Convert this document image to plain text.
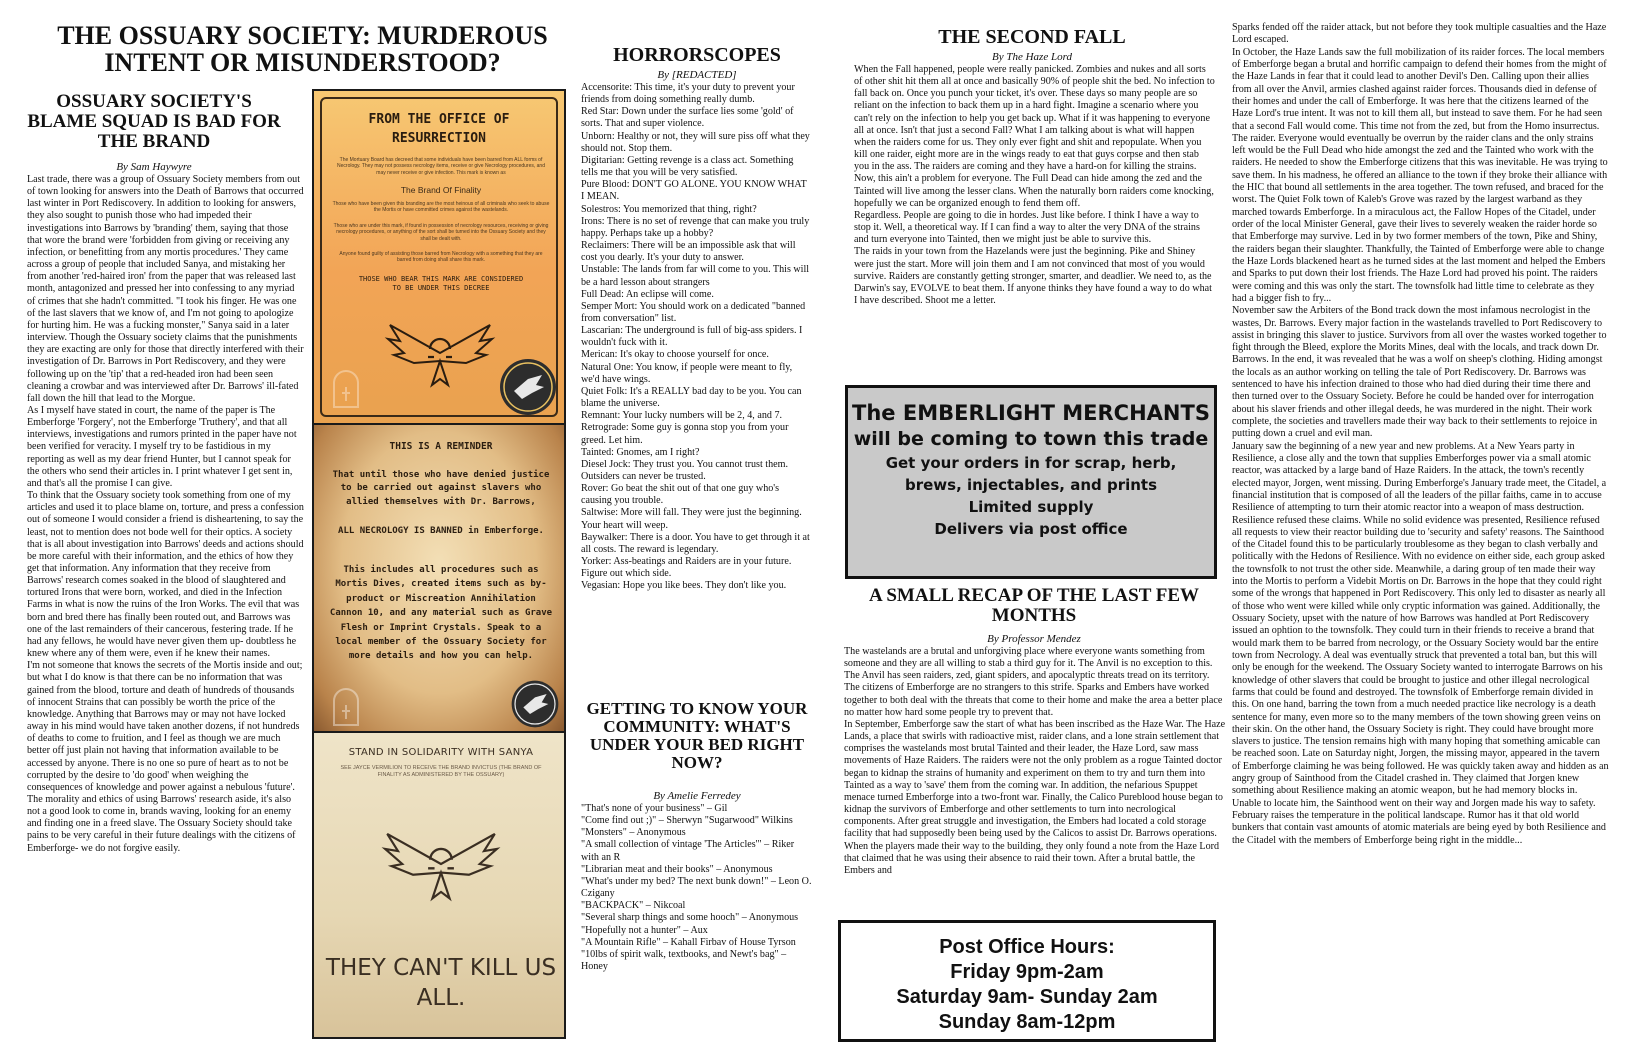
THE OSSUARY SOCIETY: MURDEROUS INTENT OR MISUNDERSTOOD?
OSSUARY SOCIETY'S BLAME SQUAD IS BAD FOR THE BRAND
By Sam Haywyre

Last trade, there was a group of Ossuary Society members from out of town looking for answers into the Death of Barrows that occurred last winter in Port Rediscovery. In addition to looking for answers, they also sought to punish those who had impeded their investigations into Barrows by 'branding' them, saying that those that wore the brand were 'forbidden from giving or receiving any infection, or benefitting from any mortis procedures.' They came across a group of people that included Sanya, and mistaking her from another 'red-haired iron' from the paper that was released last month, antagonized and pressed her into confessing to any myriad of crimes that she hadn't committed. "I took his finger. He was one of the last slavers that we know of, and I'm not going to apologize for hurting him. He was a fucking monster," Sanya said in a later interview. Though the Ossuary society claims that the punishments they are exacting are only for those that directly interfered with their investigation of Dr. Barrows in Port Rediscovery, and they were following up on the 'tip' that a red-headed iron had been seen cleaning a crowbar and was interviewed after Dr. Barrows' ill-fated fall down the hill that lead to the Morgue.

As I myself have stated in court, the name of the paper is The Emberforge 'Forgery', not the Emberforge 'Truthery', and that all interviews, investigations and rumors printed in the paper have not been verified for veracity. I myself try to be fastidious in my reporting as well as my dear friend Hunter, but I cannot speak for the others who send their articles in. I print whatever I get sent in, and that's all the promise I can give.

To think that the Ossuary society took something from one of my articles and used it to place blame on, torture, and press a confession out of someone I would consider a friend is disheartening, to say the least, not to mention does not bode well for their optics. A society that is all about investigation into Barrows' deeds and actions should be more careful with their information, and the ethics of how they get that information. Any information that they receive from Barrows' research comes soaked in the blood of slaughtered and tortured Irons that were born, worked, and died in the Infection Farms in what is now the ruins of the Iron Works. The evil that was born and bred there has finally been routed out, and Barrows was one of the last remainders of their cancerous, festering trade. If he had any fellows, he would have never given them up- doubtless he knew where any of them were, even if he knew their names.

I'm not someone that knows the secrets of the Mortis inside and out; but what I do know is that there can be no information that was gained from the blood, torture and death of hundreds of thousands of innocent Strains that can possibly be worth the price of the knowledge. Anything that Barrows may or may not have locked away in his mind would have taken another dozens, if not hundreds of deaths to come to fruition, and I feel as though we are much better off just plain not having that information available to be accessed by anyone. There is no one so pure of heart as to not be corrupted by the desire to 'do good' when weighing the consequences of knowledge and power against a nebulous 'future'.

The morality and ethics of using Barrows' research aside, it's also not a good look to come in, brands waving, looking for an enemy and finding one in a freed slave. The Ossuary Society should take pains to be very careful in their future dealings with the citizens of Emberforge- we do not forgive easily.

FROM THE OFFICE OF RESURRECTION
The Mortuary Board has decreed that some individuals have been barred from ALL forms of Necrology. They may not possess necrology items, receive or give Necrology procedures, and may never receive or give infection. This mark is known as
The Brand Of Finality
Those who have been given this branding are the most heinous of all criminals who seek to abuse the Mortis or have committed crimes against the wastelands.
Those who are under this mark, if found in possession of necrology resources, receiving or giving necrology procedures, or anything of the sort shall be turned into the Ossuary Society and they shall be dealt with.
Anyone found guilty of assisting those barred from Necrology with a something that they are barred from doing shall share this mark.
THOSE WHO BEAR THIS MARK ARE CONSIDERED TO BE UNDER THIS DECREE
THIS IS A REMINDER
That until those who have denied justice to be carried out against slavers who allied themselves with Dr. Barrows,
ALL NECROLOGY IS BANNED in Emberforge.
This includes all procedures such as Mortis Dives, created items such as by-product or Miscreation Annihilation Cannon 10, and any material such as Grave Flesh or Imprint Crystals. Speak to a local member of the Ossuary Society for more details and how you can help.
STAND IN SOLIDARITY WITH SANYA
SEE JAYCE VERMILION TO RECEIVE THE BRAND INVICTUS (THE BRAND OF FINALITY AS ADMINISTERED BY THE OSSUARY)
THEY CAN'T KILL US ALL.
HORRORSCOPES
By [REDACTED]

Accensorite: This time, it's your duty to prevent your friends from doing something really dumb.

Red Star: Down under the surface lies some 'gold' of sorts. That and super violence.

Unborn: Healthy or not, they will sure piss off what they should not. Stop them.

Digitarian: Getting revenge is a class act. Something tells me that you will be very satisfied.

Pure Blood: DON'T GO ALONE. YOU KNOW WHAT I MEAN.

Solestros: You memorized that thing, right?

Irons: There is no set of revenge that can make you truly happy. Perhaps take up a hobby?

Reclaimers: There will be an impossible ask that will cost you dearly. It's your duty to answer.

Unstable: The lands from far will come to you. This will be a hard lesson about strangers

Full Dead: An eclipse will come.

Semper Mort: You should work on a dedicated "banned from conversation" list.

Lascarian: The underground is full of big-ass spiders. I wouldn't fuck with it.

Merican: It's okay to choose yourself for once.

Natural One: You know, if people were meant to fly, we'd have wings.

Quiet Folk: It's a REALLY bad day to be you. You can blame the universe.

Remnant: Your lucky numbers will be 2, 4, and 7.

Retrograde: Some guy is gonna stop you from your greed. Let him.

Tainted: Gnomes, am I right?

Diesel Jock: They trust you. You cannot trust them. Outsiders can never be trusted.

Rover: Go beat the shit out of that one guy who's causing you trouble.

Saltwise: More will fall. They were just the beginning. Your heart will weep.

Baywalker: There is a door. You have to get through it at all costs. The reward is legendary.

Yorker: Ass-beatings and Raiders are in your future. Figure out which side.

Vegasian: Hope you like bees. They don't like you.

GETTING TO KNOW YOUR COMMUNITY: WHAT'S UNDER YOUR BED RIGHT NOW?
By Amelie Ferredey

"That's none of your business" – Gil

"Come find out ;)" – Sherwyn "Sugarwood" Wilkins

"Monsters" – Anonymous

"A small collection of vintage 'The Articles'" – Riker with an R

"Librarian meat and their books" – Anonymous

"What's under my bed? The next bunk down!" – Leon O. Czigany

"BACKPACK" – Nikcoal

"Several sharp things and some hooch" – Anonymous

"Hopefully not a hunter" – Aux

"A Mountain Rifle" – Kahall Firbav of House Tyrson

"10lbs of spirit walk, textbooks, and Newt's bag" – Honey

THE SECOND FALL
By The Haze Lord

When the Fall happened, people were really panicked. Zombies and nukes and all sorts of other shit hit them all at once and basically 90% of people shit the bed. No infection to fall back on. Once you punch your ticket, it's over. These days so many people are so reliant on the infection to back them up in a hard fight. Imagine a scenario where you can't rely on the infection to help you get back up. What if it was happening to everyone all at once. Isn't that just a second Fall? What I am talking about is what will happen when the raiders come for us. They only ever fight and shit and repopulate. When you kill one raider, eight more are in the wings ready to eat that guys corpse and then stab you in the ass. The raiders are coming and they have a hard-on for killing the strains. Now, this ain't a problem for everyone. The Full Dead can hide among the zed and the Tainted will live among the lesser clans. When the naturally born raiders come knocking, hopefully we can be organized enough to fend them off.

Regardless. People are going to die in hordes. Just like before. I think I have a way to stop it. Well, a theoretical way. If I can find a way to alter the very DNA of the strains and turn everyone into Tainted, then we might just be able to survive this.

The raids in your town from the Hazelands were just the beginning. Pike and Shiney were just the start. More will join them and I am not convinced that most of you would survive. Raiders are constantly getting stronger, smarter, and deadlier. We need to, as the Darwin's say, EVOLVE to beat them. If anyone thinks they have found a way to do what I have described. Shoot me a letter.

The EMBERLIGHT MERCHANTS
will be coming to town this trade
Get your orders in for scrap, herb, brews, injectables, and prints
Limited supply
Delivers via post office
A SMALL RECAP OF THE LAST FEW MONTHS
By Professor Mendez

The wastelands are a brutal and unforgiving place where everyone wants something from someone and they are all willing to stab a third guy for it. The Anvil is no exception to this. The Anvil has seen raiders, zed, giant spiders, and apocalyptic threats tread on its territory. The citizens of Emberforge are no strangers to this strife. Sparks and Embers have worked together to both deal with the threats that come to their home and make the area a better place no matter how hard some people try to prevent that.

In September, Emberforge saw the start of what has been inscribed as the Haze War. The Haze Lands, a place that swirls with radioactive mist, raider clans, and a lone strain settlement that comprises the wastelands most brutal Tainted and their leader, the Haze Lord, saw mass movements of Haze Raiders. The raiders were not the only problem as a rogue Tainted doctor began to kidnap the strains of humanity and experiment on them to try and turn them into Tainted as a way to 'save' them from the coming war. In addition, the nefarious Spuppet menace turned Emberforge into a two-front war. Finally, the Calico Pureblood house began to kidnap the survivors of Emberforge and other settlements to turn into necrological components. After great struggle and investigation, the Embers had located a cold storage facility that had supposedly been being used by the Calicos to assist Dr. Barrows operations. When the players made their way to the building, they only found a note from the Haze Lord that claimed that he was using their absence to raid their town. After a brutal battle, the Embers and

Post Office Hours:
Friday 9pm-2am
Saturday 9am- Sunday 2am
Sunday 8am-12pm

Sparks fended off the raider attack, but not before they took multiple casualties and the Haze Lord escaped.

In October, the Haze Lands saw the full mobilization of its raider forces. The local members of Emberforge began a brutal and horrific campaign to defend their homes from the might of the Haze Lands in fear that it could lead to another Devil's Den. Calling upon their allies from all over the Anvil, armies clashed against raider forces. Thousands died in defense of their homes and under the call of Emberforge. It was here that the citizens learned of the Haze Lord's true intent. It was not to kill them all, but instead to save them. For he had seen that a second Fall would come. This time not from the zed, but from the Homo insurrectus. The raider. Everyone would eventually be overrun by the raider clans and the only strains left would be the Full Dead who hide amongst the zed and the Tainted who work with the raiders. He needed to show the Emberforge citizens that this was inevitable. He was trying to save them. In his madness, he offered an alliance to the town if they broke their alliance with the HIC that bound all settlements in the area together. The town refused, and braced for the worst. The Quiet Folk town of Kaleb's Grove was razed by the largest warband as they marched towards Emberforge. In a miraculous act, the Fallow Hopes of the Citadel, under order of the local Minister General, gave their lives to severely weaken the raider horde so that Emberforge may survive. Led in by two former members of the town, Pike and Shiny, the raiders began their slaughter. Thankfully, the Tainted of Emberforge were able to change the Haze Lords blackened heart as he turned sides at the last moment and helped the Embers and Sparks to put down their lost friends. The Haze Lord had proved his point. The raiders were coming and this was only the start. The townsfolk had little time to celebrate as they had a bigger fish to fry...

November saw the Arbiters of the Bond track down the most infamous necrologist in the wastes, Dr. Barrows. Every major faction in the wastelands travelled to Port Rediscovery to assist in bringing this slaver to justice. Survivors from all over the wastes worked together to fight through the Bleed, explore the Morits Mines, deal with the locals, and track down Dr. Barrows. In the end, it was revealed that he was a wolf on sheep's clothing. Hiding amongst the locals as an author working on telling the tale of Port Rediscovery. Dr. Barrows was sentenced to have his infection drained to those who had died during their time there and then turned over to the Ossuary Society. Before he could be handed over for interrogation about his slaver friends and other illegal deeds, he was murdered in the night. Their work complete, the societies and travellers made their way back to their settlements to rejoice in putting down a cruel and evil man.

January saw the beginning of a new year and new problems. At a New Years party in Resilience, a close ally and the town that supplies Emberforges power via a small atomic reactor, was attacked by a large band of Haze Raiders. In the attack, the town's recently elected mayor, Jorgen, went missing. During Emberforge's January trade meet, the Citadel, a financial institution that is composed of all the leaders of the pillar faiths, came in to accuse Resilience of attempting to turn their atomic reactor into a weapon of mass destruction. Resilience refused these claims. While no solid evidence was presented, Resilience refused all requests to view their reactor building due to 'security and safety' reasons. The Sainthood of the Citadel found this to be particularly troublesome as they began to clash verbally and politically with the Hedons of Resilience. With no evidence on either side, each group asked the townsfolk to not trust the other side. Meanwhile, a daring group of ten made their way into the Mortis to perform a Videbit Mortis on Dr. Barrows in the hope that they could right some of the wrongs that happened in Port Rediscovery. This only led to disaster as nearly all of those who went were killed while only cryptic information was gained. Additionally, the Ossuary Society, upset with the nature of how Barrows was handled at Port Rediscovery issued an ophtion to the townsfolk. They could turn in their friends to receive a brand that would mark them to be barred from necrology, or the Ossuary Society would bar the entire town from Necrology. A deal was eventually struck that prevented a total ban, but this will only be enough for the weekend. The Ossuary Society wanted to interrogate Barrows on his knowledge of other slavers that could be brought to justice and other illegal necrological farms that could be found and destroyed. The townsfolk of Emberforge remain divided in this. On one hand, barring the town from a much needed practice like necrology is a death sentence for many, even more so to the many members of the town showing green veins on their skin. On the other hand, the Ossuary Society is right. They could have brought more slavers to justice. The tension remains high with many hoping that something amicable can be reached soon. Late on Saturday night, Jorgen, the missing mayor, appeared in the tavern of Emberforge claiming he was being followed. He was quickly taken away and hidden as an angry group of Sainthood from the Citadel crashed in. They claimed that Jorgen knew something about Resilience making an atomic weapon, but he had memory blocks in. Unable to locate him, the Sainthood went on their way and Jorgen made his way to safety.

February raises the temperature in the political landscape. Rumor has it that old world bunkers that contain vast amounts of atomic materials are being eyed by both Resilience and the Citadel with the members of Emberforge being right in the middle...
